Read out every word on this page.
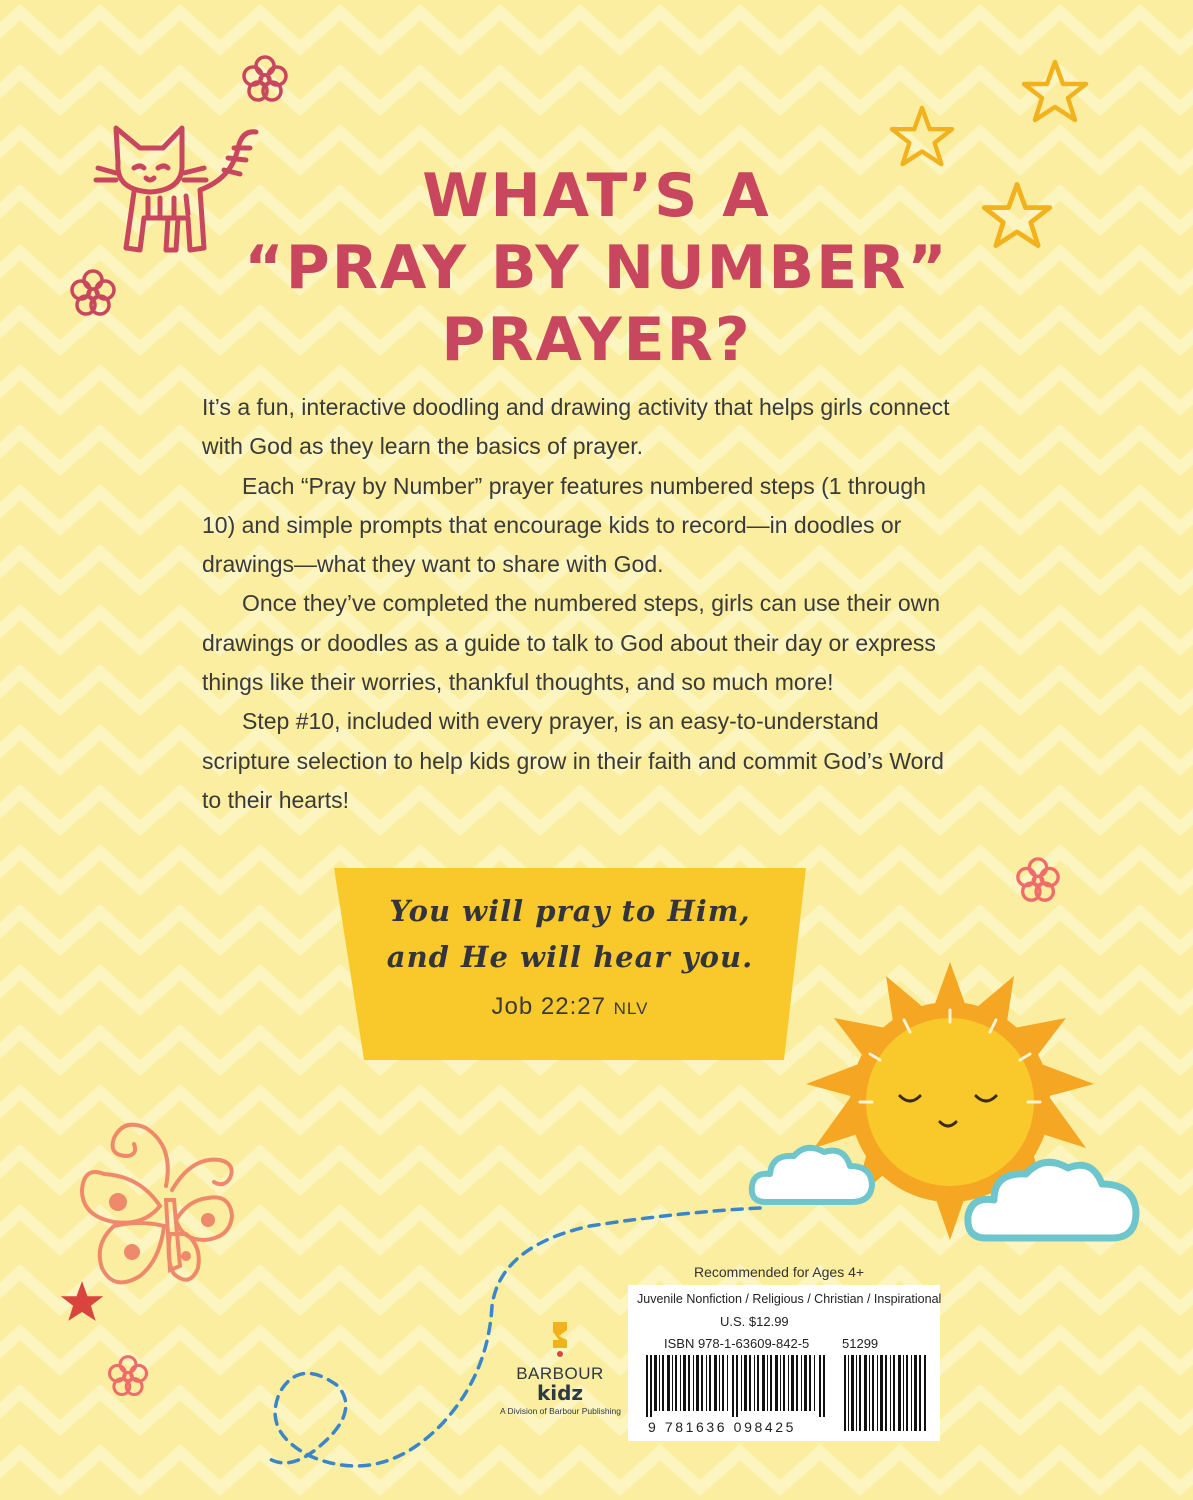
WHAT’S A
“PRAY BY NUMBER”
PRAYER?

It’s a fun, interactive doodling and drawing activity that helps girls connect with God as they learn the basics of prayer.

Each “Pray by Number” prayer features numbered steps (1 through 10) and simple prompts that encourage kids to record—in doodles or drawings—what they want to share with God.

Once they’ve completed the numbered steps, girls can use their own drawings or doodles as a guide to talk to God about their day or express things like their worries, thankful thoughts, and so much more!

Step #10, included with every prayer, is an easy-to-understand scripture selection to help kids grow in their faith and commit God’s Word to their hearts!

You will pray to Him,
and He will hear you.
Job 22:27 NLV
Recommended for Ages 4+
Juvenile Nonfiction / Religious / Christian / Inspirational
U.S. $12.99
ISBN 978-1-63609-842-5	51299
9 781636 098425
BARBOUR
kidz
A Division of Barbour Publishing
